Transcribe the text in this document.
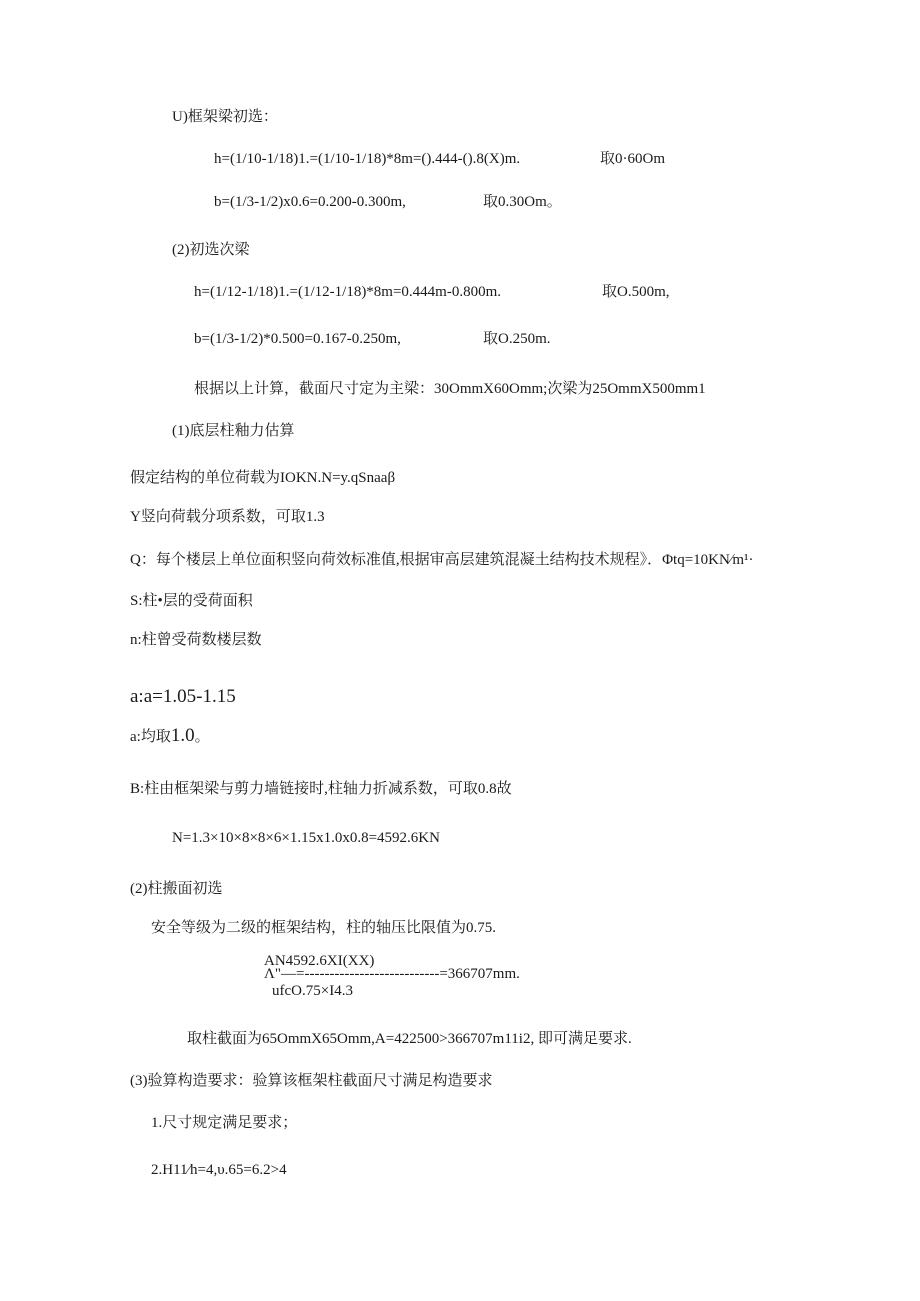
U)框架梁初选：
h=(1/10-1/18)1.=(1/10-1/18)*8m=().444-().8(X)m.	取0·60Om
b=(1/3-1/2)x0.6=0.200-0.300m,	取0.30Om。
(2)初选次梁
h=(1/12-1/18)1.=(1/12-1/18)*8m=0.444m-0.800m.	取O.500m,
b=(1/3-1/2)*0.500=0.167-0.250m,	取O.250m.
根据以上计算，截面尺寸定为主梁：30OmmX60Omm;次梁为25OmmX500mm1
(1)底层柱釉力估算
假定结构的单位荷载为IOKN.N=y.qSnaaβ
Y竖向荷载分项系数，可取1.3
Q：每个楼层上单位面积竖向荷效标准值,根据审高层建筑混凝土结构技术规程》．Φtq=10KN∕m¹·
S:柱•层的受荷面积
n:柱曾受荷数楼层数
a:a=1.05-1.15
a:均取1.0。
B:柱由框架梁与剪力墙链接时,柱轴力折减系数，可取0.8故
N=1.3×10×8×8×6×1.15x1.0x0.8=4592.6KN
(2)柱搬面初选
安全等级为二级的框架结构，柱的轴压比限值为0.75.
AN4592.6XI(XX)
Λ"—=---------------------------=366707mm.
ufcO.75×I4.3
取柱截面为65OmmX65Omm,A=422500>366707m11i2, 即可满足要求.
(3)验算构造要求：验算该框架柱截面尺寸满足构造要求
1.尺寸规定满足要求；
2.H11∕h=4,υ.65=6.2>4
